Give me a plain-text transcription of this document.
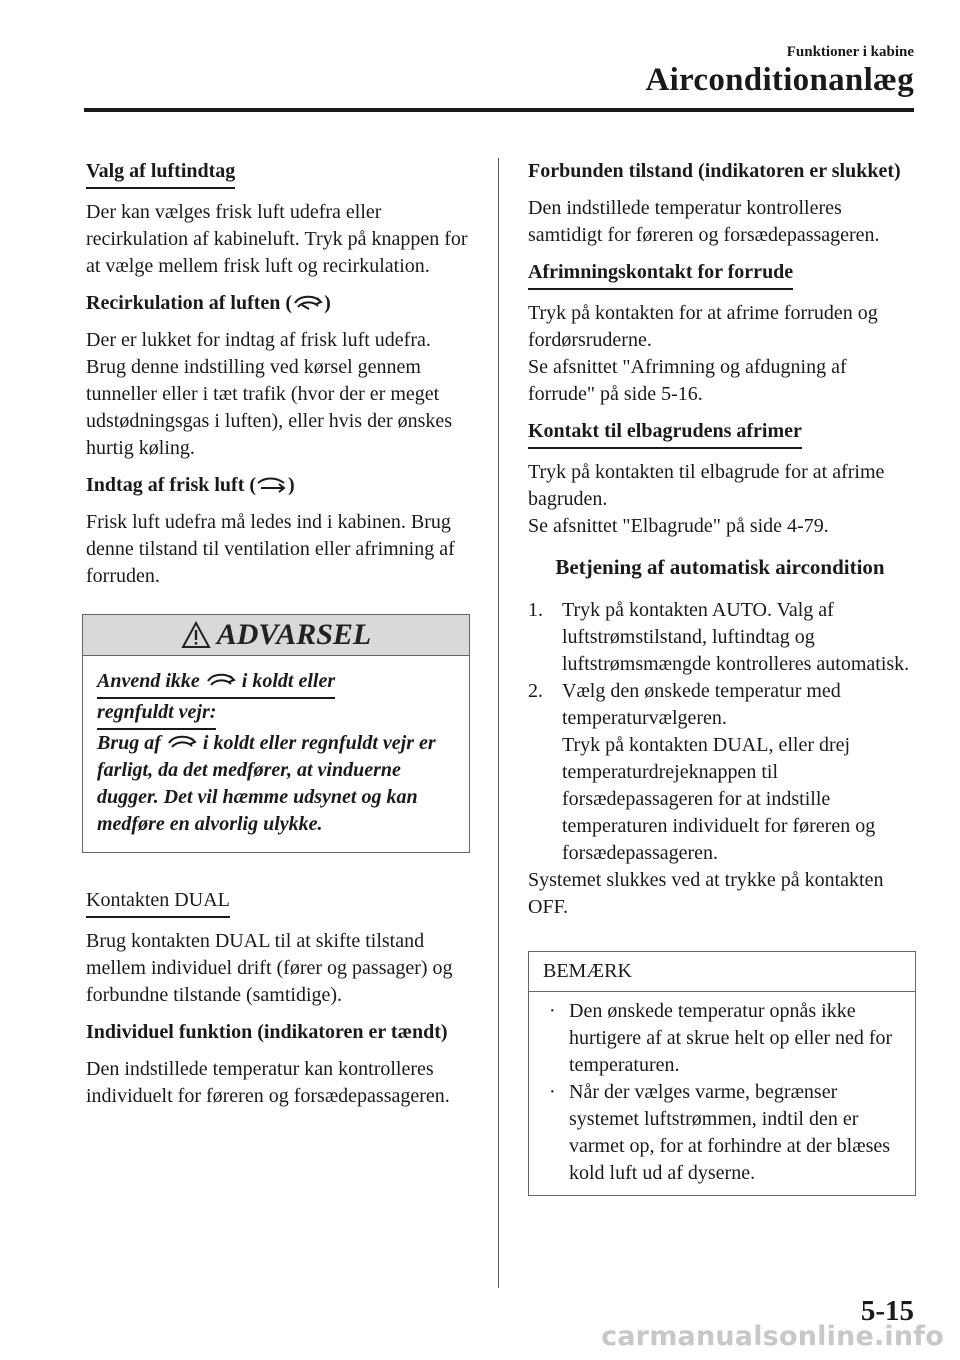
Funktioner i kabine
Airconditionanlæg
Valg af luftindtag

Der kan vælges frisk luft udefra eller recirkulation af kabineluft. Tryk på knappen for at vælge mellem frisk luft og recirkulation.

Recirkulation af luften ( )

Der er lukket for indtag af frisk luft udefra. Brug denne indstilling ved kørsel gennem tunneller eller i tæt trafik (hvor der er meget udstødningsgas i luften), eller hvis der ønskes hurtig køling.

Indtag af frisk luft ( )

Frisk luft udefra må ledes ind i kabinen. Brug denne tilstand til ventilation eller afrimning af forruden.

ADVARSEL
Anvend ikke  i koldt eller
regnfuldt vejr:
Brug af  i koldt eller regnfuldt vejr er farligt, da det medfører, at vinduerne dugger. Det vil hæmme udsynet og kan medføre en alvorlig ulykke.
Kontakten DUAL

Brug kontakten DUAL til at skifte tilstand mellem individuel drift (fører og passager) og forbundne tilstande (samtidige).

Individuel funktion (indikatoren er tændt)

Den indstillede temperatur kan kontrolleres individuelt for føreren og forsædepassageren.

Forbunden tilstand (indikatoren er slukket)

Den indstillede temperatur kontrolleres samtidigt for føreren og forsædepassageren.

Afrimningskontakt for forrude

Tryk på kontakten for at afrime forruden og fordørsruderne.

Se afsnittet "Afrimning og afdugning af forrude" på side 5-16.

Kontakt til elbagrudens afrimer

Tryk på kontakten til elbagrude for at afrime bagruden.

Se afsnittet "Elbagrude" på side 4-79.

Betjening af automatisk aircondition
1. Tryk på kontakten AUTO. Valg af luftstrømstilstand, luftindtag og luftstrømsmængde kontrolleres automatisk.
2. Vælg den ønskede temperatur med temperaturvælgeren.
Tryk på kontakten DUAL, eller drej temperaturdrejeknappen til forsædepassageren for at indstille temperaturen individuelt for føreren og forsædepassageren.

Systemet slukkes ved at trykke på kontakten OFF.

BEMÆRK
· Den ønskede temperatur opnås ikke hurtigere af at skrue helt op eller ned for temperaturen.
· Når der vælges varme, begrænser systemet luftstrømmen, indtil den er varmet op, for at forhindre at der blæses kold luft ud af dyserne.
5-15
carmanualsonline.info
